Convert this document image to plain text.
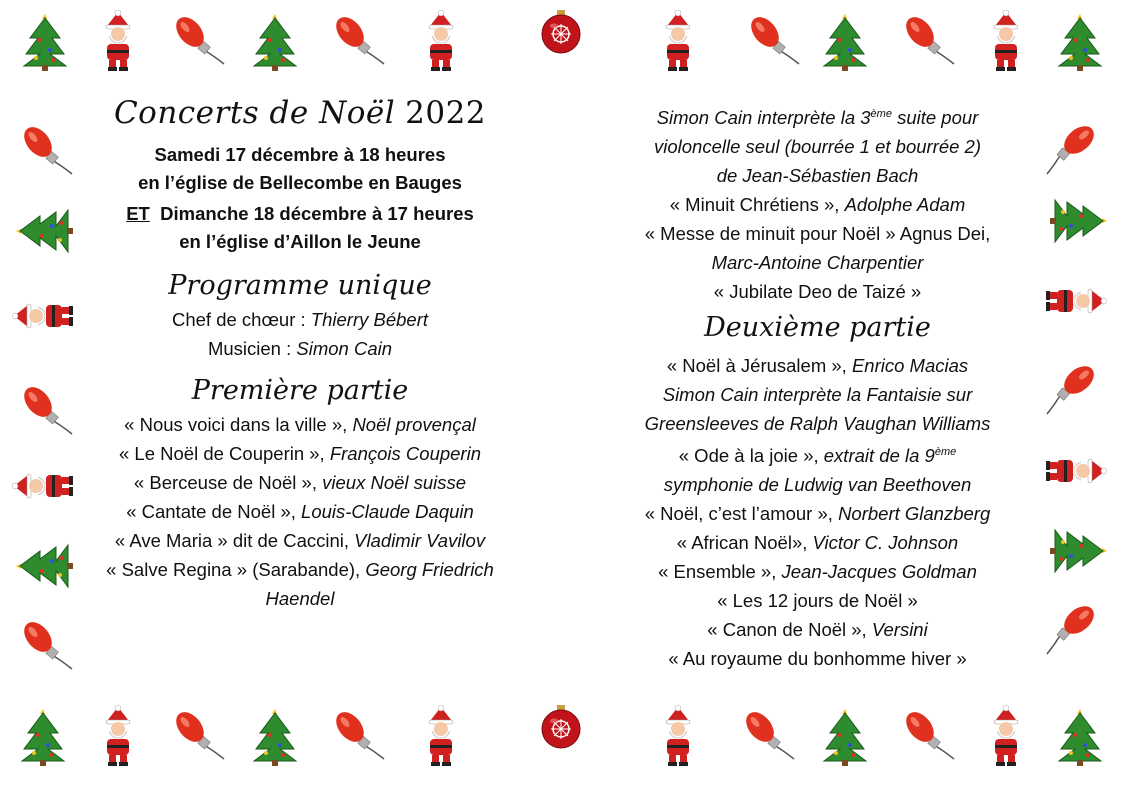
Concerts de Noël 2022
Samedi 17 décembre à 18 heures
en l’église de Bellecombe en Bauges
ET Dimanche 18 décembre à 17 heures
en l’église d’Aillon le Jeune
Programme unique
Chef de chœur : Thierry Bébert
Musicien : Simon Cain
Première partie
« Nous voici dans la ville », Noël provençal
« Le Noël de Couperin », François Couperin
« Berceuse de Noël », vieux Noël suisse
« Cantate de Noël », Louis-Claude Daquin
« Ave Maria » dit de Caccini, Vladimir Vavilov
« Salve Regina » (Sarabande), Georg Friedrich Haendel
Simon Cain interprète la 3ème suite pour
violoncelle seul (bourrée 1 et bourrée 2)
de Jean-Sébastien Bach
« Minuit Chrétiens », Adolphe Adam
« Messe de minuit pour Noël » Agnus Dei,
Marc-Antoine Charpentier
« Jubilate Deo de Taizé »
Deuxième partie
« Noël à Jérusalem », Enrico Macias
Simon Cain interprète la Fantaisie sur
Greensleeves de Ralph Vaughan Williams
« Ode à la joie », extrait de la 9ème
symphonie de Ludwig van Beethoven
« Noël, c’est l’amour », Norbert Glanzberg
« African Noël», Victor C. Johnson
« Ensemble », Jean-Jacques Goldman
« Les 12 jours de Noël »
« Canon de Noël », Versini
« Au royaume du bonhomme hiver »
